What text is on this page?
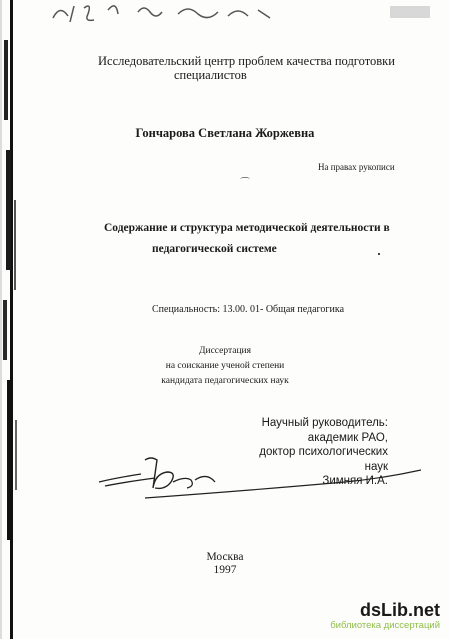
Исследовательский центр проблем качества подготовки
специалистов
Гончарова Светлана Жоржевна
На правах рукописи
⌒
Содержание и структура методической деятельности в
педагогической системе
Специальность: 13.00. 01- Общая педагогика
Диссертация
на соискание ученой степени
кандидата педагогических наук
Научный руководитель:
академик РАО,
доктор психологических наук
Зимняя И.А.
Москва
1997
dsLib.net
библиотека диссертаций
